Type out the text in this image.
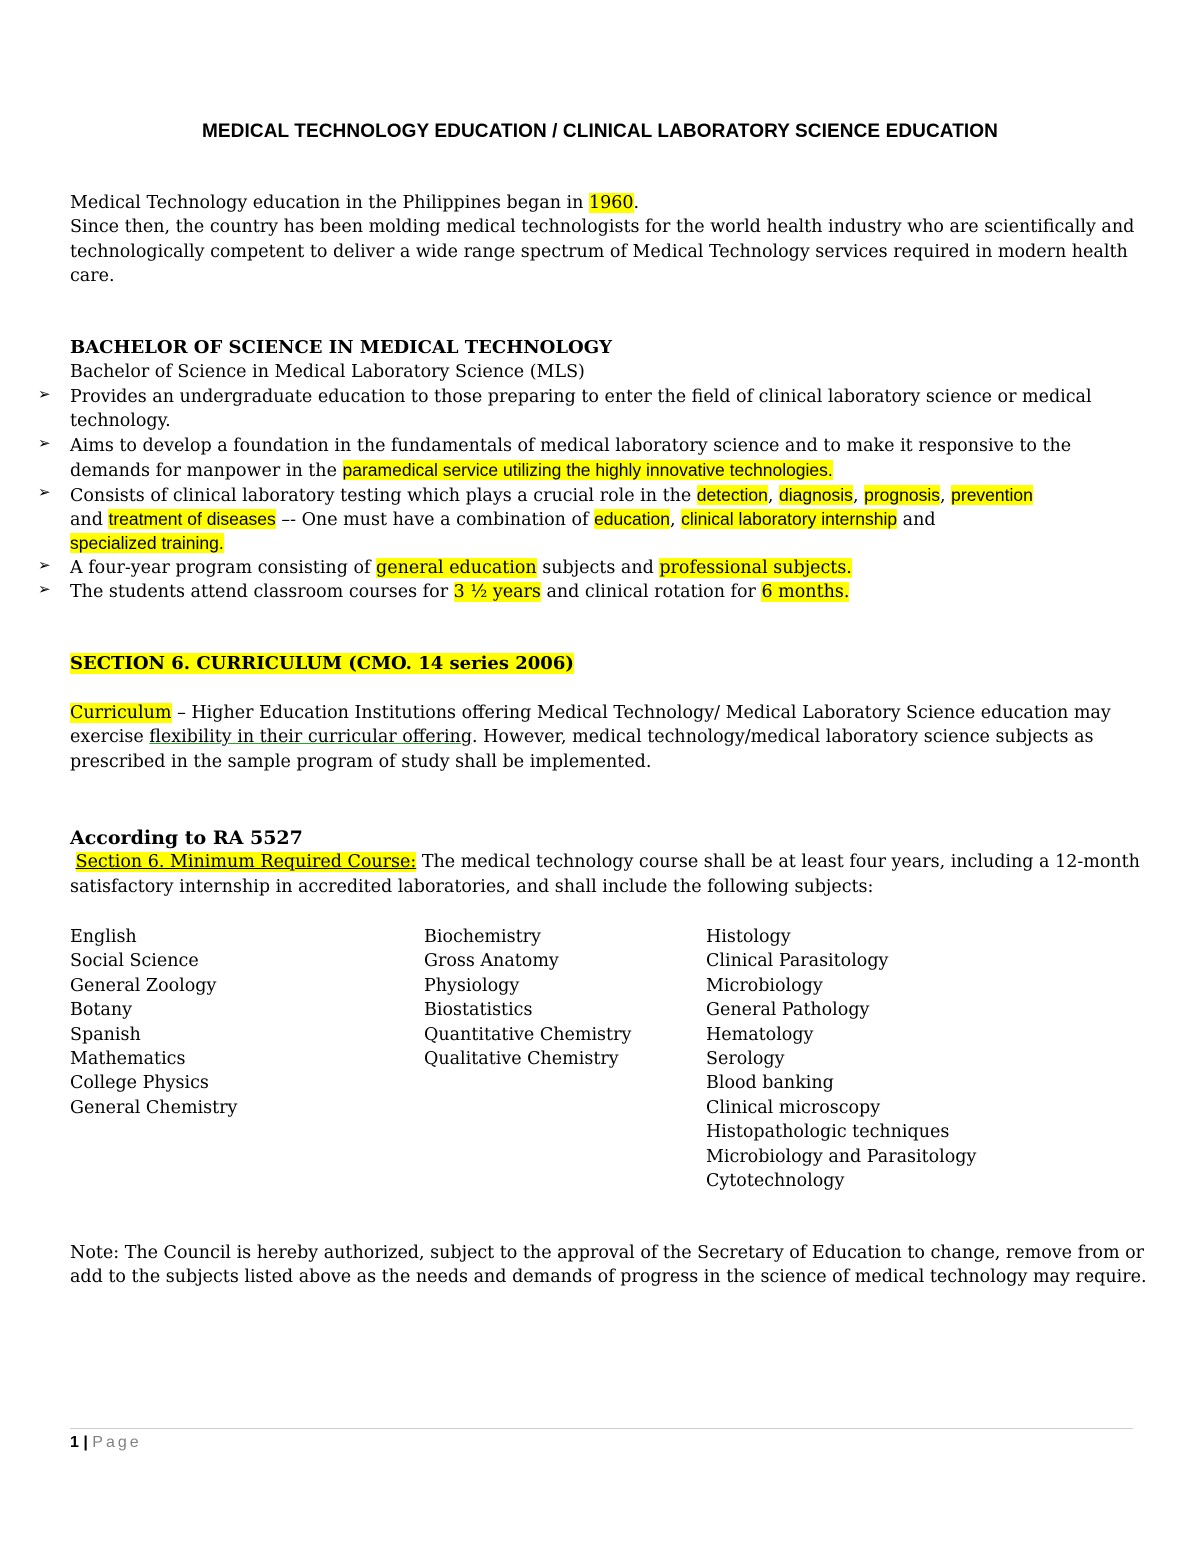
MEDICAL TECHNOLOGY EDUCATION / CLINICAL LABORATORY SCIENCE EDUCATION
Medical Technology education in the Philippines began in 1960.
Since then, the country has been molding medical technologists for the world health industry who are scientifically and
technologically competent to deliver a wide range spectrum of Medical Technology services required in modern health
care.
BACHELOR OF SCIENCE IN MEDICAL TECHNOLOGY
Bachelor of Science in Medical Laboratory Science (MLS)
➢ Provides an undergraduate education to those preparing to enter the field of clinical laboratory science or medical
technology.
➢ Aims to develop a foundation in the fundamentals of medical laboratory science and to make it responsive to the
demands for manpower in the paramedical service utilizing the highly innovative technologies.
➢ Consists of clinical laboratory testing which plays a crucial role in the detection, diagnosis, prognosis, prevention
and treatment of diseases –- One must have a combination of education, clinical laboratory internship and
specialized training.
➢ A four-year program consisting of general education subjects and professional subjects.
➢ The students attend classroom courses for 3 ½ years and clinical rotation for 6 months.
SECTION 6. CURRICULUM (CMO. 14 series 2006)
Curriculum – Higher Education Institutions offering Medical Technology/ Medical Laboratory Science education may
exercise flexibility in their curricular offering. However, medical technology/medical laboratory science subjects as
prescribed in the sample program of study shall be implemented.
According to RA 5527
Section 6. Minimum Required Course: The medical technology course shall be at least four years, including a 12-month
satisfactory internship in accredited laboratories, and shall include the following subjects:
English
Social Science
General Zoology
Botany
Spanish
Mathematics
College Physics
General Chemistry
Biochemistry
Gross Anatomy
Physiology
Biostatistics
Quantitative Chemistry
Qualitative Chemistry
Histology
Clinical Parasitology
Microbiology
General Pathology
Hematology
Serology
Blood banking
Clinical microscopy
Histopathologic techniques
Microbiology and Parasitology
Cytotechnology
Note: The Council is hereby authorized, subject to the approval of the Secretary of Education to change, remove from or
add to the subjects listed above as the needs and demands of progress in the science of medical technology may require.
1 | Page
